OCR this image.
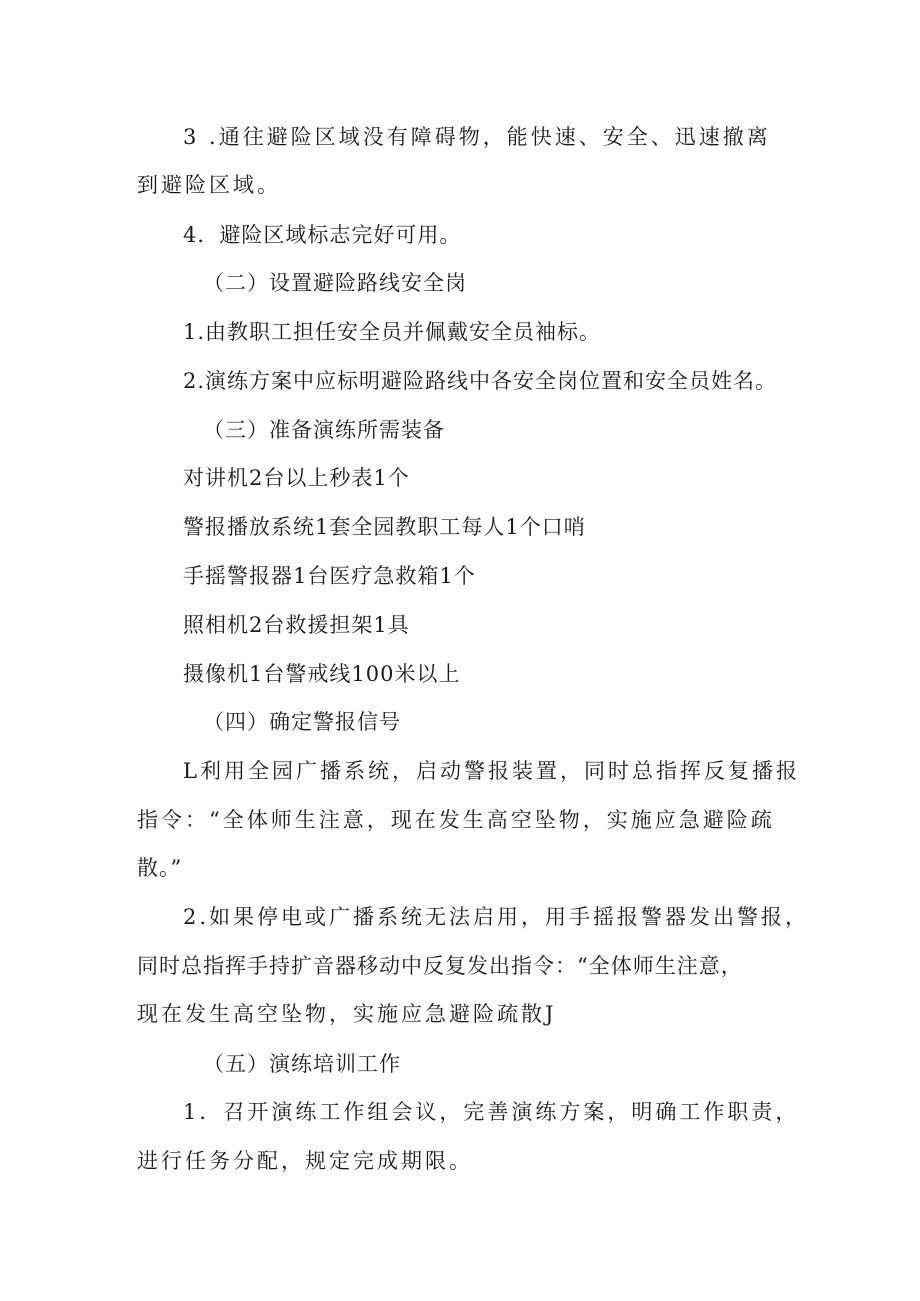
3 .通往避险区域没有障碍物，能快速、安全、迅速撤离
到避险区域。
4．避险区域标志完好可用。
（二）设置避险路线安全岗
1.由教职工担任安全员并佩戴安全员袖标。
2.演练方案中应标明避险路线中各安全岗位置和安全员姓名。
（三）准备演练所需装备
对讲机2台以上秒表1个
警报播放系统1套全园教职工每人1个口哨
手摇警报器1台医疗急救箱1个
照相机2台救援担架1具
摄像机1台警戒线100米以上
（四）确定警报信号
L利用全园广播系统，启动警报装置，同时总指挥反复播报
指令：“全体师生注意，现在发生高空坠物，实施应急避险疏
散。”
2.如果停电或广播系统无法启用，用手摇报警器发出警报，
同时总指挥手持扩音器移动中反复发出指令：“全体师生注意，
现在发生高空坠物，实施应急避险疏散J
（五）演练培训工作
1．召开演练工作组会议，完善演练方案，明确工作职责，
进行任务分配，规定完成期限。
